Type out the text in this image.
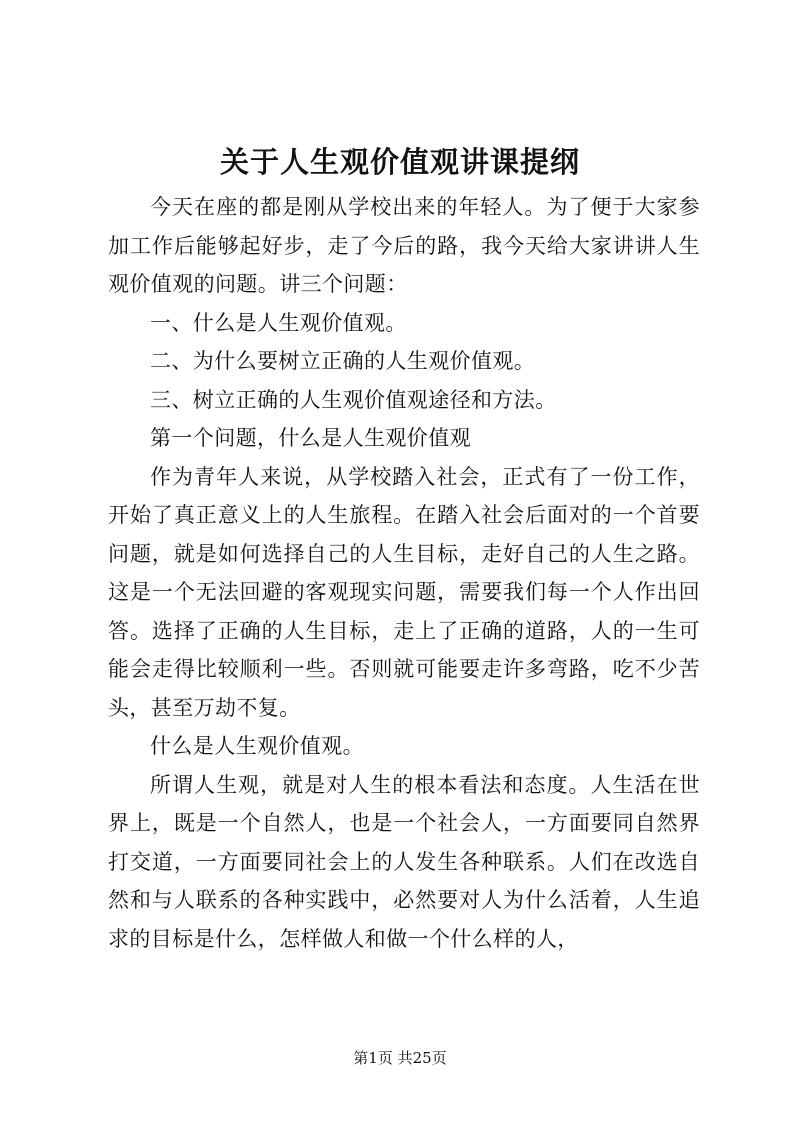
关于人生观价值观讲课提纲

今天在座的都是刚从学校出来的年轻人。为了便于大家参加工作后能够起好步，走了今后的路，我今天给大家讲讲人生观价值观的问题。讲三个问题：

一、什么是人生观价值观。

二、为什么要树立正确的人生观价值观。

三、树立正确的人生观价值观途径和方法。

第一个问题，什么是人生观价值观

作为青年人来说，从学校踏入社会，正式有了一份工作，开始了真正意义上的人生旅程。在踏入社会后面对的一个首要问题，就是如何选择自己的人生目标，走好自己的人生之路。这是一个无法回避的客观现实问题，需要我们每一个人作出回答。选择了正确的人生目标，走上了正确的道路，人的一生可能会走得比较顺利一些。否则就可能要走许多弯路，吃不少苦头，甚至万劫不复。

什么是人生观价值观。

所谓人生观，就是对人生的根本看法和态度。人生活在世界上，既是一个自然人，也是一个社会人，一方面要同自然界打交道，一方面要同社会上的人发生各种联系。人们在改选自然和与人联系的各种实践中，必然要对人为什么活着，人生追求的目标是什么，怎样做人和做一个什么样的人，

第1页 共25页
